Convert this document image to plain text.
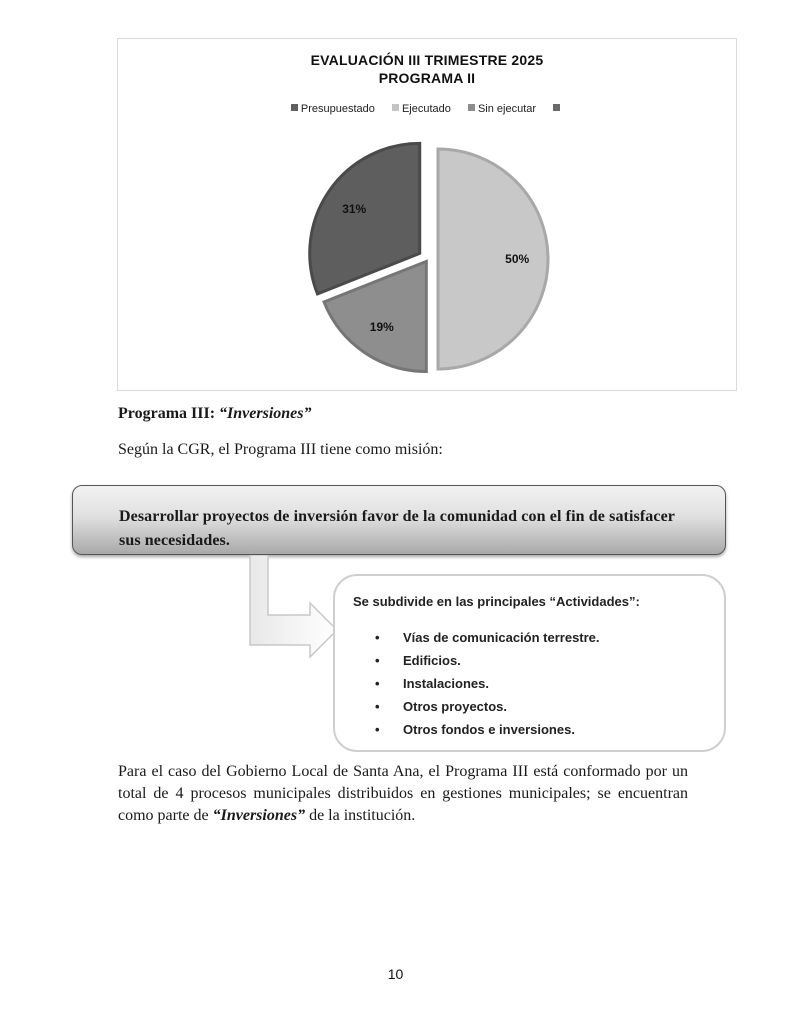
EVALUACIÓN III TRIMESTRE 2025
PROGRAMA II
Presupuestado Ejecutado Sin ejecutar
50%
19%
31%
Programa III: “Inversiones”
Según la CGR, el Programa III tiene como misión:
Desarrollar proyectos de inversión favor de la comunidad con el fin de satisfacer sus necesidades.
Se subdivide en las principales “Actividades”:
• Vías de comunicación terrestre.
• Edificios.
• Instalaciones.
• Otros proyectos.
• Otros fondos e inversiones.
Para el caso del Gobierno Local de Santa Ana, el Programa III está conformado por un total de 4 procesos municipales distribuidos en gestiones municipales; se encuentran como parte de “Inversiones” de la institución.
10
